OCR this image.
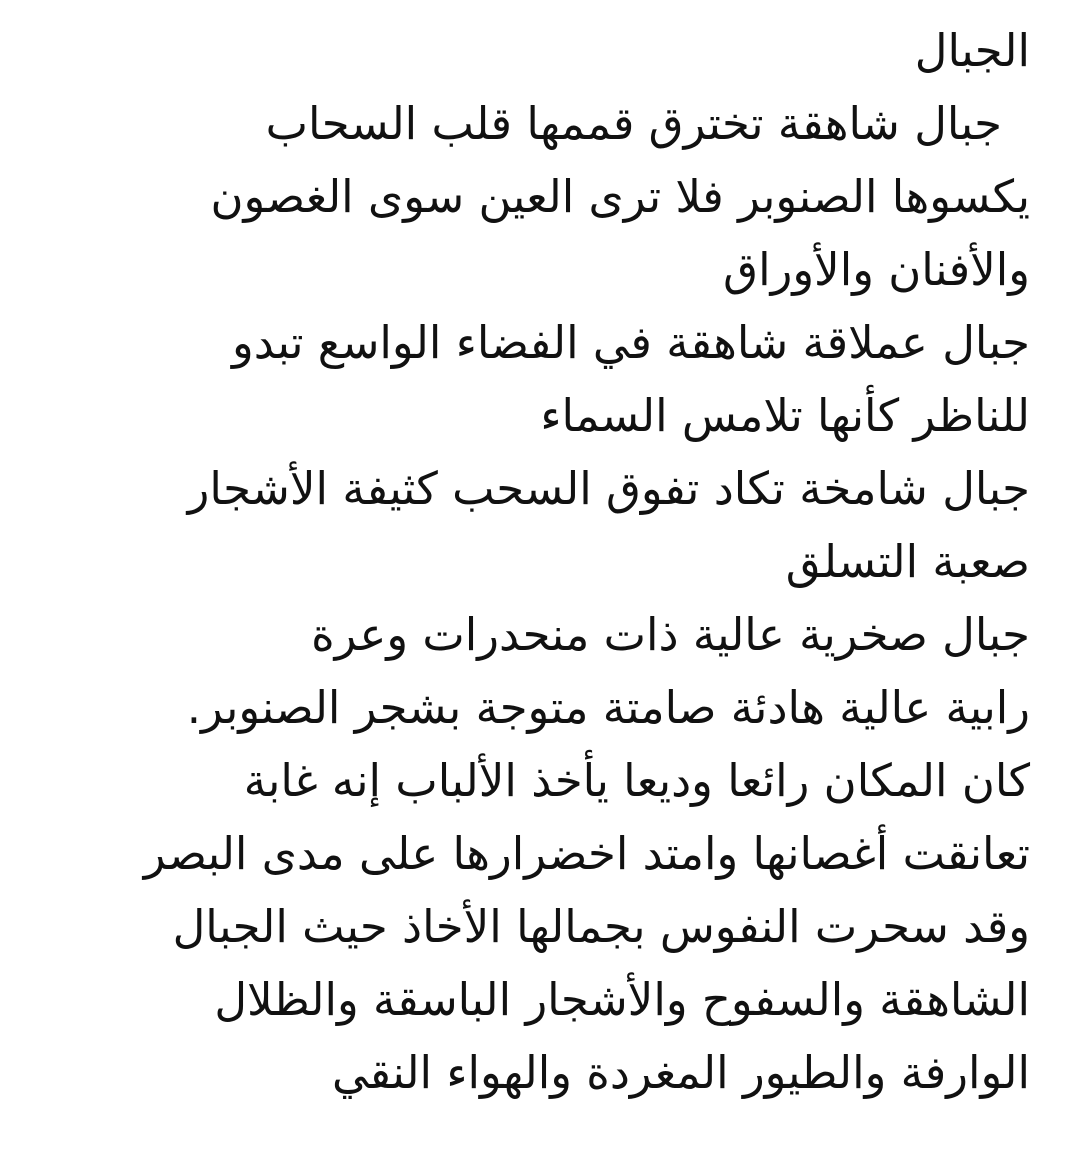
الجبال
جبال شاهقة تخترق قممها قلب السحاب
يكسوها الصنوبر فلا ترى العين سوى الغصون
والأفنان والأوراق
جبال عملاقة شاهقة في الفضاء الواسع تبدو
للناظر كأنها تلامس السماء
جبال شامخة تكاد تفوق السحب كثيفة الأشجار
صعبة التسلق
جبال صخرية عالية ذات منحدرات وعرة
رابية عالية هادئة صامتة متوجة بشجر الصنوبر.
كان المكان رائعا وديعا يأخذ الألباب إنه غابة
تعانقت أغصانها وامتد اخضرارها على مدى البصر
وقد سحرت النفوس بجمالها الأخاذ حيث الجبال
الشاهقة والسفوح والأشجار الباسقة والظلال
الوارفة والطيور المغردة والهواء النقي
